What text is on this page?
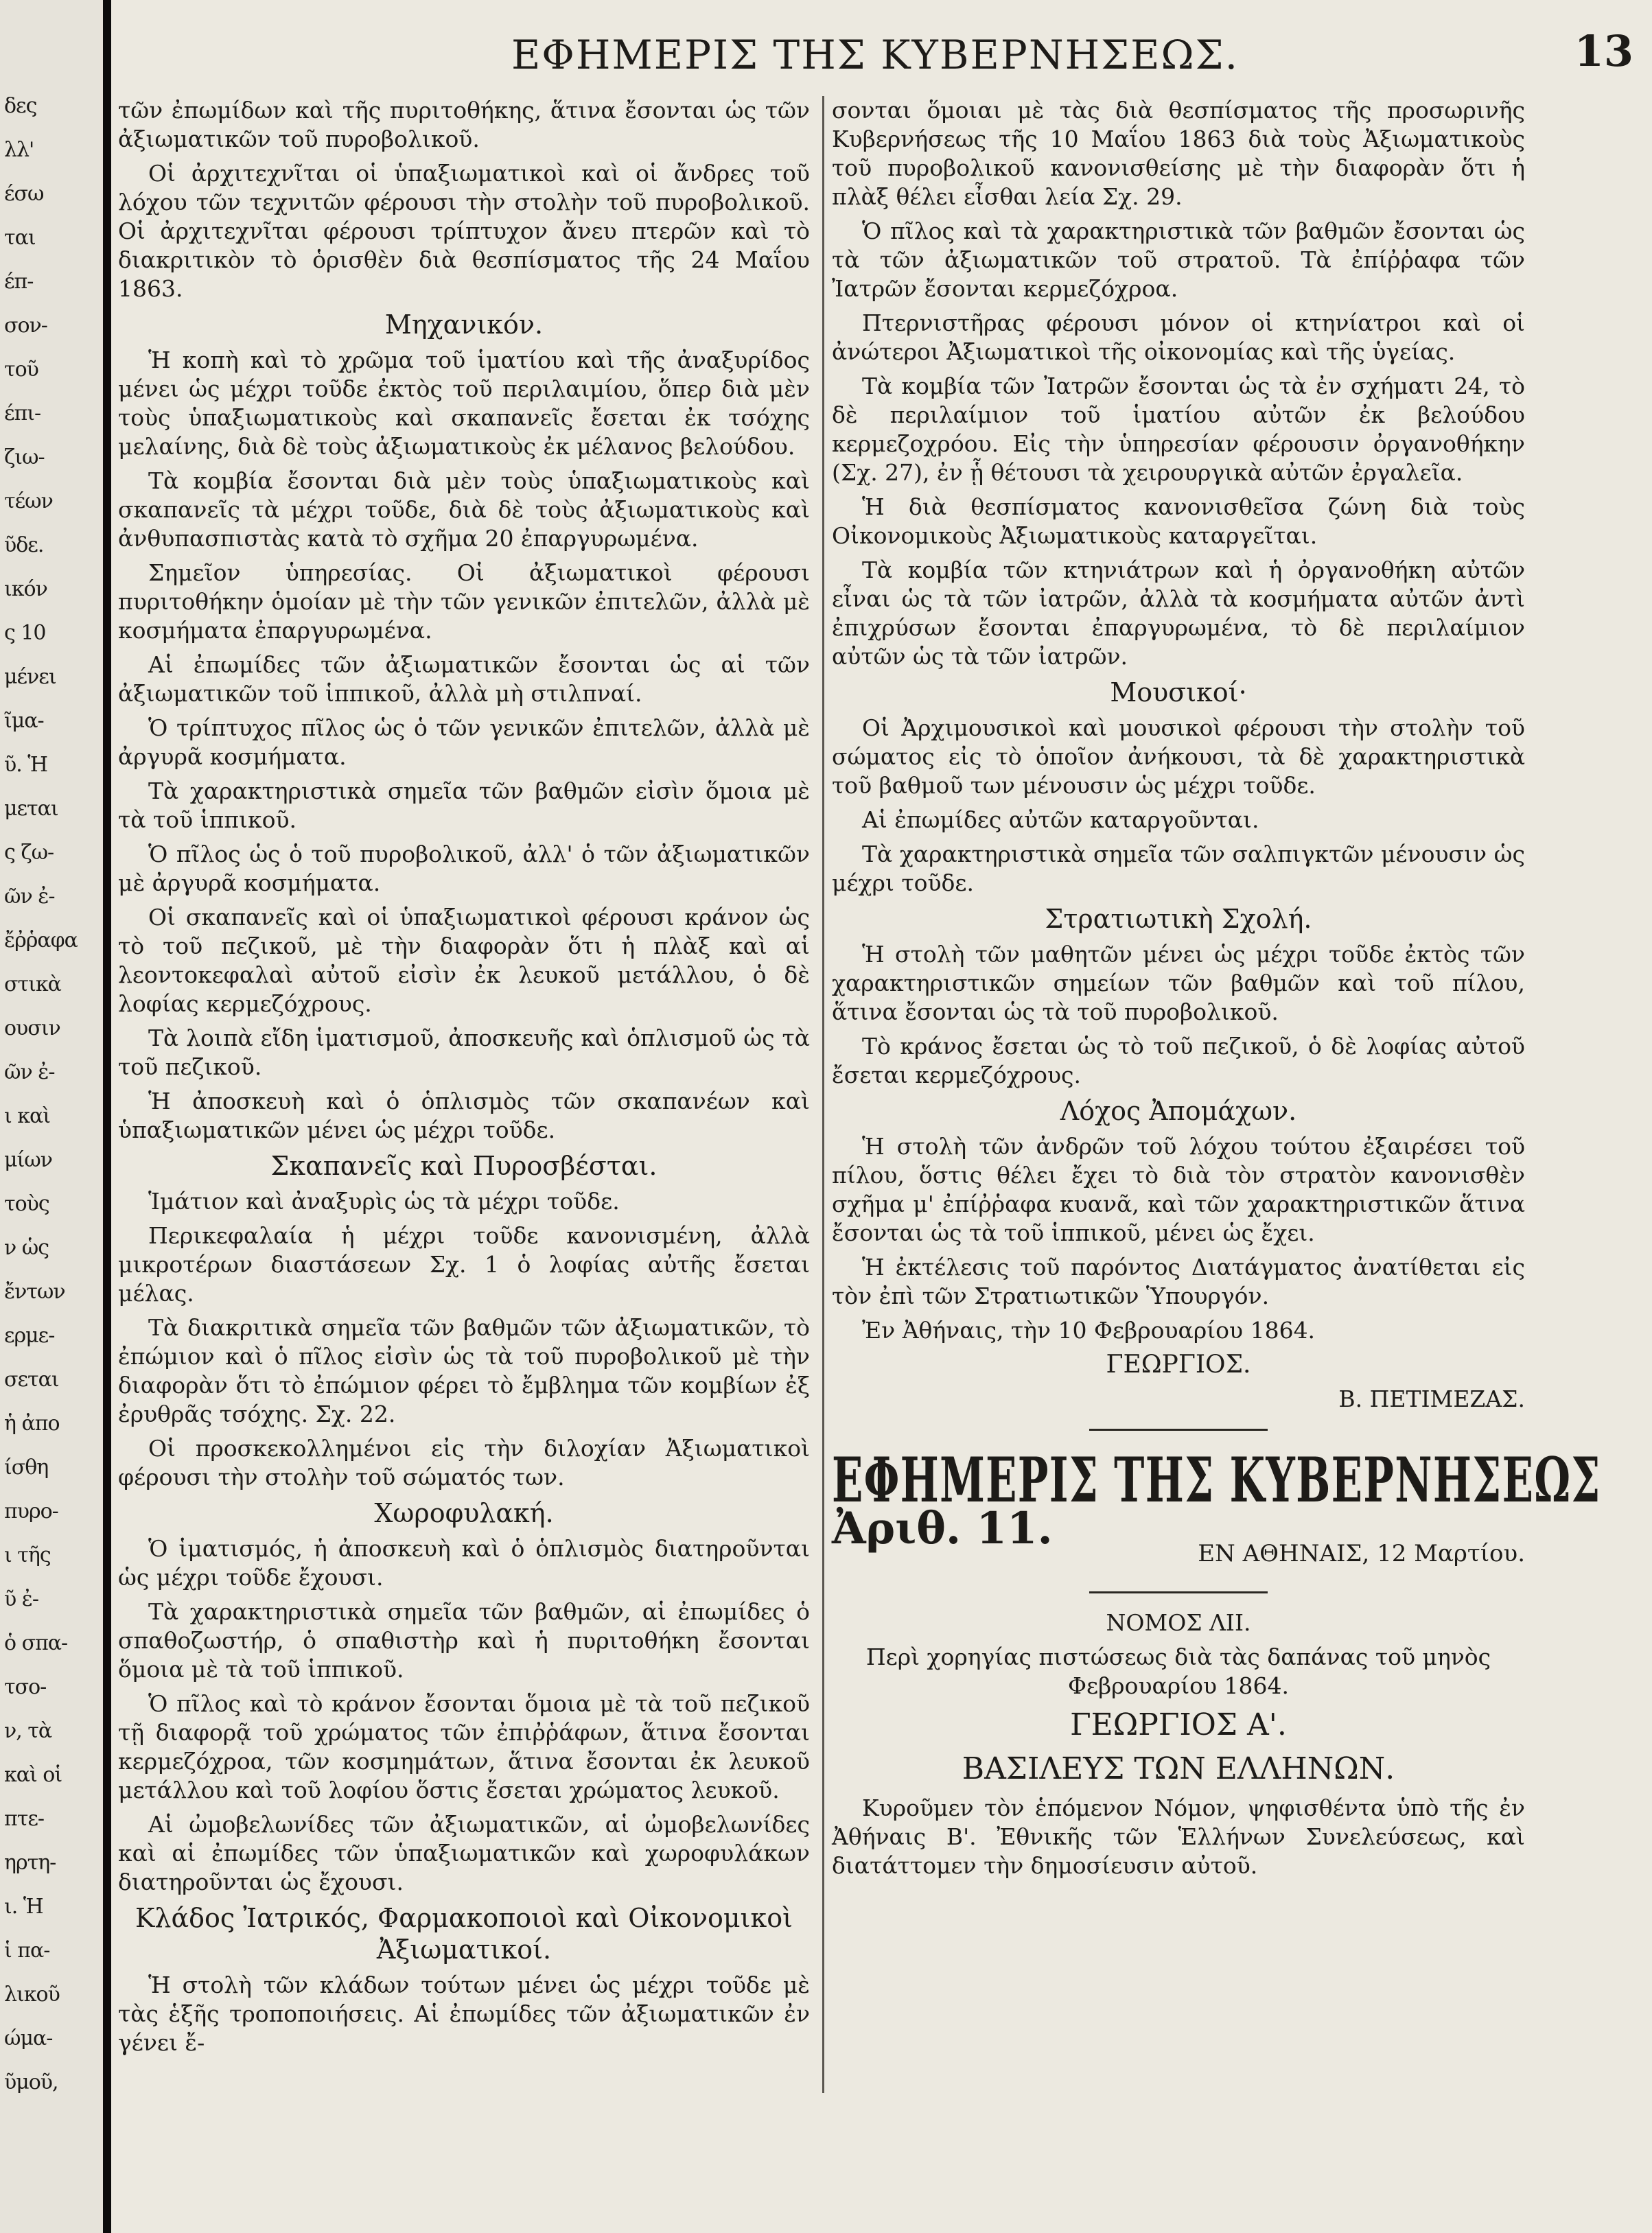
δες
λλ'
έσω
ται
έπ-
σον-
τοῦ
έπι-
ζιω-
τέων
ῦδε.
ικόν
ς 10
μένει
ῖμα-
ῦ. Ἡ
μεται
ς ζω-
ῶν ἐ-
ἔῤῥαφα
στικὰ
ουσιν
ῶν ἐ-
ι καὶ
μίων
τοὺς
ν ὡς
ἔντων
ερμε-
σεται
ἡ ἀπο
ίσθη
πυρο-
ι τῆς
ῦ ἐ-
ὁ σπα-
τσο-
ν, τὰ
καὶ οἱ
πτε-
ηρτη-
ι. Ἡ
ἱ πα-
λικοῦ
ώμα-
ῦμοῦ,
ΕΦΗΜΕΡΙΣ ΤΗΣ ΚΥΒΕΡΝΗΣΕΩΣ.	13

τῶν ἐπωμίδων καὶ τῆς πυριτοθήκης, ἅτινα ἔσονται ὡς τῶν ἀξιωματικῶν τοῦ πυροβολικοῦ.

Οἱ ἀρχιτεχνῖται οἱ ὑπαξιωματικοὶ καὶ οἱ ἄνδρες τοῦ λόχου τῶν τεχνιτῶν φέρουσι τὴν στολὴν τοῦ πυροβολικοῦ. Οἱ ἀρχιτεχνῖται φέρουσι τρίπτυχον ἄνευ πτερῶν καὶ τὸ διακριτικὸν τὸ ὁρισθὲν διὰ θεσπίσματος τῆς 24 Μαΐου 1863.

Μηχανικόν.

Ἡ κοπὴ καὶ τὸ χρῶμα τοῦ ἱματίου καὶ τῆς ἀναξυρίδος μένει ὡς μέχρι τοῦδε ἐκτὸς τοῦ περιλαιμίου, ὅπερ διὰ μὲν τοὺς ὑπαξιωματικοὺς καὶ σκαπανεῖς ἔσεται ἐκ τσόχης μελαίνης, διὰ δὲ τοὺς ἀξιωματικοὺς ἐκ μέλανος βελούδου.

Τὰ κομβία ἔσονται διὰ μὲν τοὺς ὑπαξιωματικοὺς καὶ σκαπανεῖς τὰ μέχρι τοῦδε, διὰ δὲ τοὺς ἀξιωματικοὺς καὶ ἀνθυπασπιστὰς κατὰ τὸ σχῆμα 20 ἐπαργυρωμένα.

Σημεῖον ὑπηρεσίας. Οἱ ἀξιωματικοὶ φέρουσι πυριτοθήκην ὁμοίαν μὲ τὴν τῶν γενικῶν ἐπιτελῶν, ἀλλὰ μὲ κοσμήματα ἐπαργυρωμένα.

Αἱ ἐπωμίδες τῶν ἀξιωματικῶν ἔσονται ὡς αἱ τῶν ἀξιωματικῶν τοῦ ἱππικοῦ, ἀλλὰ μὴ στιλπναί.

Ὁ τρίπτυχος πῖλος ὡς ὁ τῶν γενικῶν ἐπιτελῶν, ἀλλὰ μὲ ἀργυρᾶ κοσμήματα.

Τὰ χαρακτηριστικὰ σημεῖα τῶν βαθμῶν εἰσὶν ὅμοια μὲ τὰ τοῦ ἱππικοῦ.

Ὁ πῖλος ὡς ὁ τοῦ πυροβολικοῦ, ἀλλ' ὁ τῶν ἀξιωματικῶν μὲ ἀργυρᾶ κοσμήματα.

Οἱ σκαπανεῖς καὶ οἱ ὑπαξιωματικοὶ φέρουσι κράνον ὡς τὸ τοῦ πεζικοῦ, μὲ τὴν διαφορὰν ὅτι ἡ πλὰξ καὶ αἱ λεοντοκεφαλαὶ αὐτοῦ εἰσὶν ἐκ λευκοῦ μετάλλου, ὁ δὲ λοφίας κερμεζόχρους.

Τὰ λοιπὰ εἴδη ἱματισμοῦ, ἀποσκευῆς καὶ ὁπλισμοῦ ὡς τὰ τοῦ πεζικοῦ.

Ἡ ἀποσκευὴ καὶ ὁ ὁπλισμὸς τῶν σκαπανέων καὶ ὑπαξιωματικῶν μένει ὡς μέχρι τοῦδε.

Σκαπανεῖς καὶ Πυροσβέσται.

Ἱμάτιον καὶ ἀναξυρὶς ὡς τὰ μέχρι τοῦδε.

Περικεφαλαία ἡ μέχρι τοῦδε κανονισμένη, ἀλλὰ μικροτέρων διαστάσεων Σχ. 1 ὁ λοφίας αὐτῆς ἔσεται μέλας.

Τὰ διακριτικὰ σημεῖα τῶν βαθμῶν τῶν ἀξιωματικῶν, τὸ ἐπώμιον καὶ ὁ πῖλος εἰσὶν ὡς τὰ τοῦ πυροβολικοῦ μὲ τὴν διαφορὰν ὅτι τὸ ἐπώμιον φέρει τὸ ἔμβλημα τῶν κομβίων ἐξ ἐρυθρᾶς τσόχης. Σχ. 22.

Οἱ προσκεκολλημένοι εἰς τὴν διλοχίαν Ἀξιωματικοὶ φέρουσι τὴν στολὴν τοῦ σώματός των.

Χωροφυλακή.

Ὁ ἱματισμός, ἡ ἀποσκευὴ καὶ ὁ ὁπλισμὸς διατηροῦνται ὡς μέχρι τοῦδε ἔχουσι.

Τὰ χαρακτηριστικὰ σημεῖα τῶν βαθμῶν, αἱ ἐπωμίδες ὁ σπαθοζωστήρ, ὁ σπαθιστὴρ καὶ ἡ πυριτοθήκη ἔσονται ὅμοια μὲ τὰ τοῦ ἱππικοῦ.

Ὁ πῖλος καὶ τὸ κράνον ἔσονται ὅμοια μὲ τὰ τοῦ πεζικοῦ τῇ διαφορᾷ τοῦ χρώματος τῶν ἐπιῤῥάφων, ἅτινα ἔσονται κερμεζόχροα, τῶν κοσμημάτων, ἅτινα ἔσονται ἐκ λευκοῦ μετάλλου καὶ τοῦ λοφίου ὅστις ἔσεται χρώματος λευκοῦ.

Αἱ ὠμοβελωνίδες τῶν ἀξιωματικῶν, αἱ ὠμοβελωνίδες καὶ αἱ ἐπωμίδες τῶν ὑπαξιωματικῶν καὶ χωροφυλάκων διατηροῦνται ὡς ἔχουσι.

Κλάδος Ἰατρικός, Φαρμακοποιοὶ καὶ Οἰκονομικοὶ Ἀξιωματικοί.

Ἡ στολὴ τῶν κλάδων τούτων μένει ὡς μέχρι τοῦδε μὲ τὰς ἑξῆς τροποποιήσεις. Αἱ ἐπωμίδες τῶν ἀξιωματικῶν ἐν γένει ἔ-

σονται ὅμοιαι μὲ τὰς διὰ θεσπίσματος τῆς προσωρινῆς Κυβερνήσεως τῆς 10 Μαΐου 1863 διὰ τοὺς Ἀξιωματικοὺς τοῦ πυροβολικοῦ κανονισθείσης μὲ τὴν διαφορὰν ὅτι ἡ πλὰξ θέλει εἶσθαι λεία Σχ. 29.

Ὁ πῖλος καὶ τὰ χαρακτηριστικὰ τῶν βαθμῶν ἔσονται ὡς τὰ τῶν ἀξιωματικῶν τοῦ στρατοῦ. Τὰ ἐπίῤῥαφα τῶν Ἰατρῶν ἔσονται κερμεζόχροα.

Πτερνιστῆρας φέρουσι μόνον οἱ κτηνίατροι καὶ οἱ ἀνώτεροι Ἀξιωματικοὶ τῆς οἰκονομίας καὶ τῆς ὑγείας.

Τὰ κομβία τῶν Ἰατρῶν ἔσονται ὡς τὰ ἐν σχήματι 24, τὸ δὲ περιλαίμιον τοῦ ἱματίου αὐτῶν ἐκ βελούδου κερμεζοχρόου. Εἰς τὴν ὑπηρεσίαν φέρουσιν ὀργανοθήκην (Σχ. 27), ἐν ᾗ θέτουσι τὰ χειρουργικὰ αὐτῶν ἐργαλεῖα.

Ἡ διὰ θεσπίσματος κανονισθεῖσα ζώνη διὰ τοὺς Οἰκονομικοὺς Ἀξιωματικοὺς καταργεῖται.

Τὰ κομβία τῶν κτηνιάτρων καὶ ἡ ὀργανοθήκη αὐτῶν εἶναι ὡς τὰ τῶν ἰατρῶν, ἀλλὰ τὰ κοσμήματα αὐτῶν ἀντὶ ἐπιχρύσων ἔσονται ἐπαργυρωμένα, τὸ δὲ περιλαίμιον αὐτῶν ὡς τὰ τῶν ἰατρῶν.

Μουσικοί·

Οἱ Ἀρχιμουσικοὶ καὶ μουσικοὶ φέρουσι τὴν στολὴν τοῦ σώματος εἰς τὸ ὁποῖον ἀνήκουσι, τὰ δὲ χαρακτηριστικὰ τοῦ βαθμοῦ των μένουσιν ὡς μέχρι τοῦδε.

Αἱ ἐπωμίδες αὐτῶν καταργοῦνται.

Τὰ χαρακτηριστικὰ σημεῖα τῶν σαλπιγκτῶν μένουσιν ὡς μέχρι τοῦδε.

Στρατιωτικὴ Σχολή.

Ἡ στολὴ τῶν μαθητῶν μένει ὡς μέχρι τοῦδε ἐκτὸς τῶν χαρακτηριστικῶν σημείων τῶν βαθμῶν καὶ τοῦ πίλου, ἅτινα ἔσονται ὡς τὰ τοῦ πυροβολικοῦ.

Τὸ κράνος ἔσεται ὡς τὸ τοῦ πεζικοῦ, ὁ δὲ λοφίας αὐτοῦ ἔσεται κερμεζόχρους.

Λόχος Ἀπομάχων.

Ἡ στολὴ τῶν ἀνδρῶν τοῦ λόχου τούτου ἐξαιρέσει τοῦ πίλου, ὅστις θέλει ἔχει τὸ διὰ τὸν στρατὸν κανονισθὲν σχῆμα μ' ἐπίῤῥαφα κυανᾶ, καὶ τῶν χαρακτηριστικῶν ἅτινα ἔσονται ὡς τὰ τοῦ ἱππικοῦ, μένει ὡς ἔχει.

Ἡ ἐκτέλεσις τοῦ παρόντος Διατάγματος ἀνατίθεται εἰς τὸν ἐπὶ τῶν Στρατιωτικῶν Ὑπουργόν.

Ἐν Ἀθήναις, τὴν 10 Φεβρουαρίου 1864.

ΓΕΩΡΓΙΟΣ.

Β. ΠΕΤΙΜΕΖΑΣ.

ΕΦΗΜΕΡΙΣ ΤΗΣ ΚΥΒΕΡΝΗΣΕΩΣ
Ἀριθ. 11.	ΕΝ ΑΘΗΝΑΙΣ, 12 Μαρτίου.

ΝΟΜΟΣ ΛΙΙ.

Περὶ χορηγίας πιστώσεως διὰ τὰς δαπάνας τοῦ μηνὸς Φεβρουαρίου 1864.

ΓΕΩΡΓΙΟΣ Α'.
ΒΑΣΙΛΕΥΣ ΤΩΝ ΕΛΛΗΝΩΝ.

Κυροῦμεν τὸν ἑπόμενον Νόμον, ψηφισθέντα ὑπὸ τῆς ἐν Ἀθήναις Β'. Ἐθνικῆς τῶν Ἑλλήνων Συνελεύσεως, καὶ διατάττομεν τὴν δημοσίευσιν αὐτοῦ.
